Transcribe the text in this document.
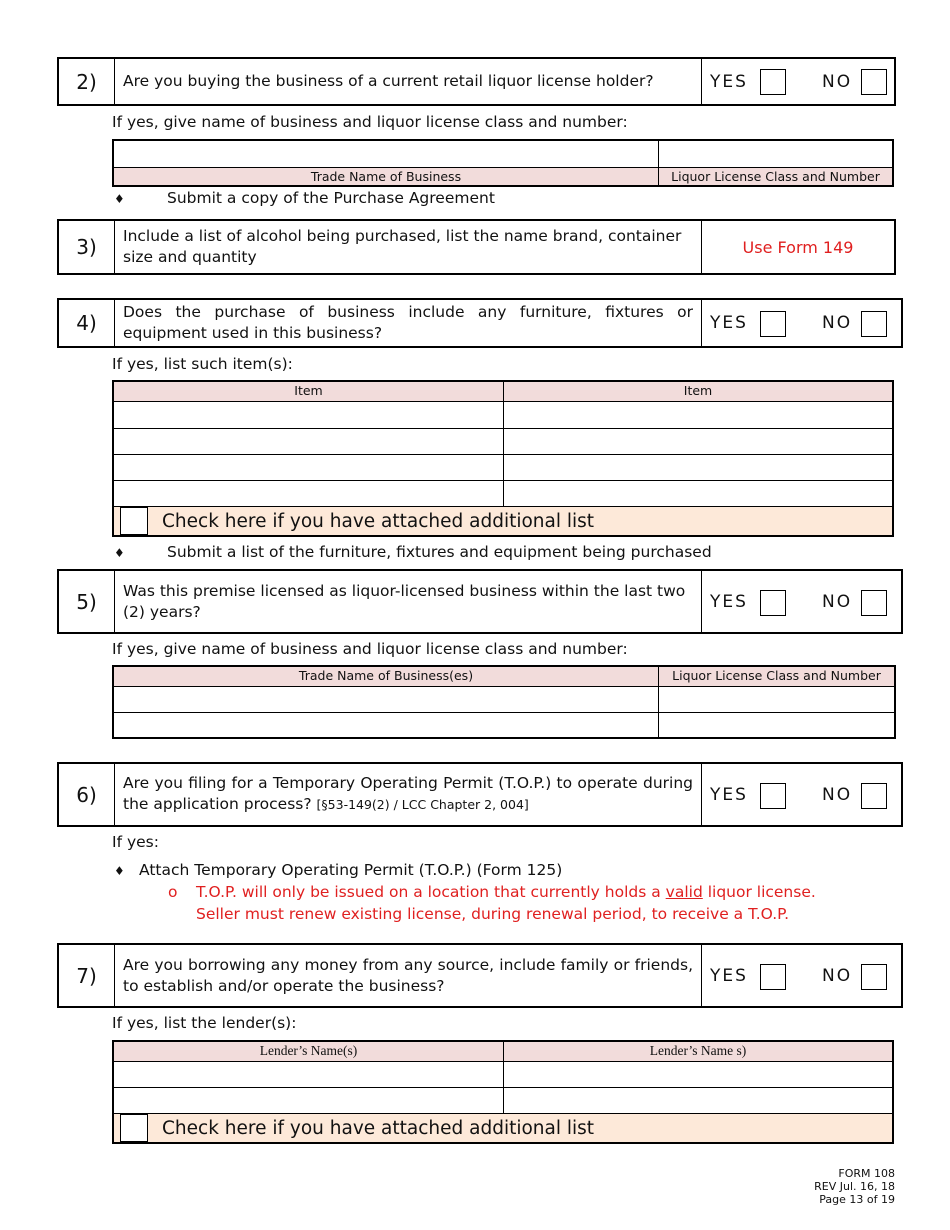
2)	Are you buying the business of a current retail liquor license holder?	YES	NO
If yes, give name of business and liquor license class and number:
Trade Name of Business	Liquor License Class and Number
♦	Submit a copy of the Purchase Agreement
3)	Include a list of alcohol being purchased, list the name brand, container size and quantity
Use Form 149
4)	Does the purchase of business include any furniture, fixtures or equipment used in this business?	YES	NO
If yes, list such item(s):
Item	Item
Check here if you have attached additional list
♦	Submit a list of the furniture, fixtures and equipment being purchased
5)	Was this premise licensed as liquor-licensed business within the last two (2) years?	YES	NO
If yes, give name of business and liquor license class and number:
Trade Name of Business(es)	Liquor License Class and Number
6)	Are you filing for a Temporary Operating Permit (T.O.P.) to operate during the application process? [§53-149(2) / LCC Chapter 2, 004]	YES	NO
If yes:
♦ Attach Temporary Operating Permit (T.O.P.) (Form 125)
o T.O.P. will only be issued on a location that currently holds a valid liquor license.
Seller must renew existing license, during renewal period, to receive a T.O.P.
7)	Are you borrowing any money from any source, include family or friends, to establish and/or operate the business?	YES	NO
If yes, list the lender(s):
Lender’s Name(s)	Lender’s Name s)
Check here if you have attached additional list
FORM 108
REV Jul. 16, 18
Page 13 of 19
